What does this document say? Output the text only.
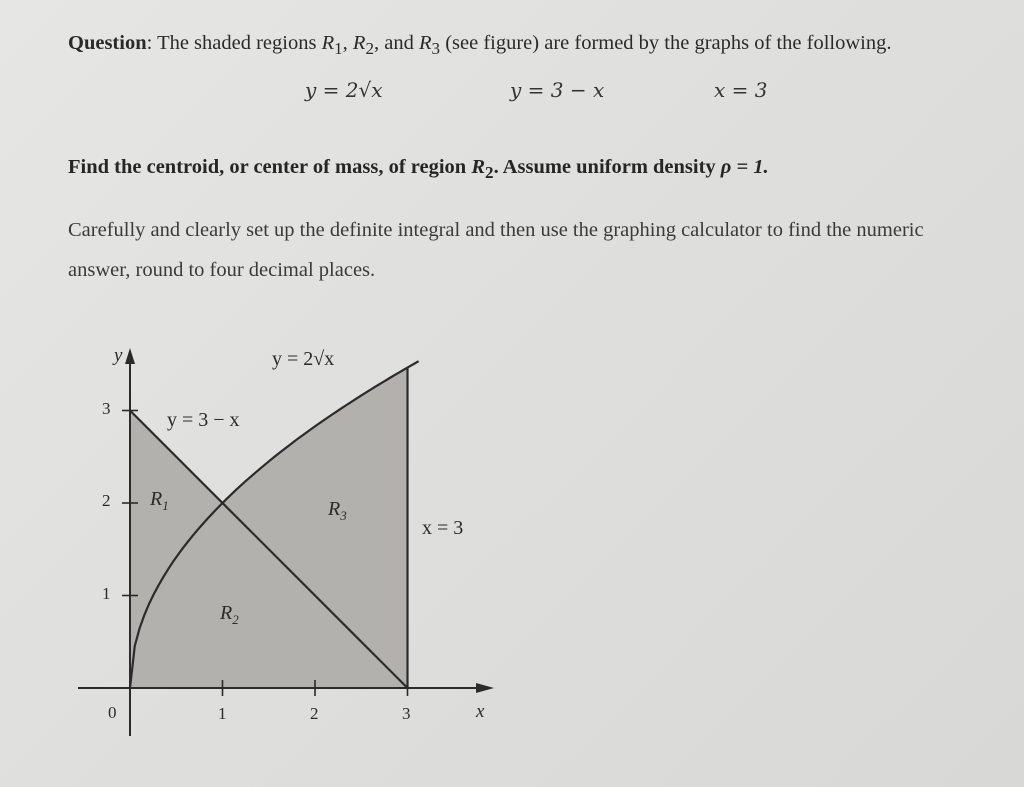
Question: The shaded regions $R_1$, $R_2$, and $R_3$ (see figure) are formed by the graphs of the following.
y = 2√x	y = 3 − x	x = 3
Find the centroid, or center of mass, of region $R_2$. Assume uniform density ρ = 1.
Carefully and clearly set up the definite integral and then use the graphing calculator to find the numeric answer, round to four decimal places.
y
x
0	1	2	3
1
2
3
y = 2√x
y = 3 − x
x = 3
$R_1$
$R_2$
$R_3$
